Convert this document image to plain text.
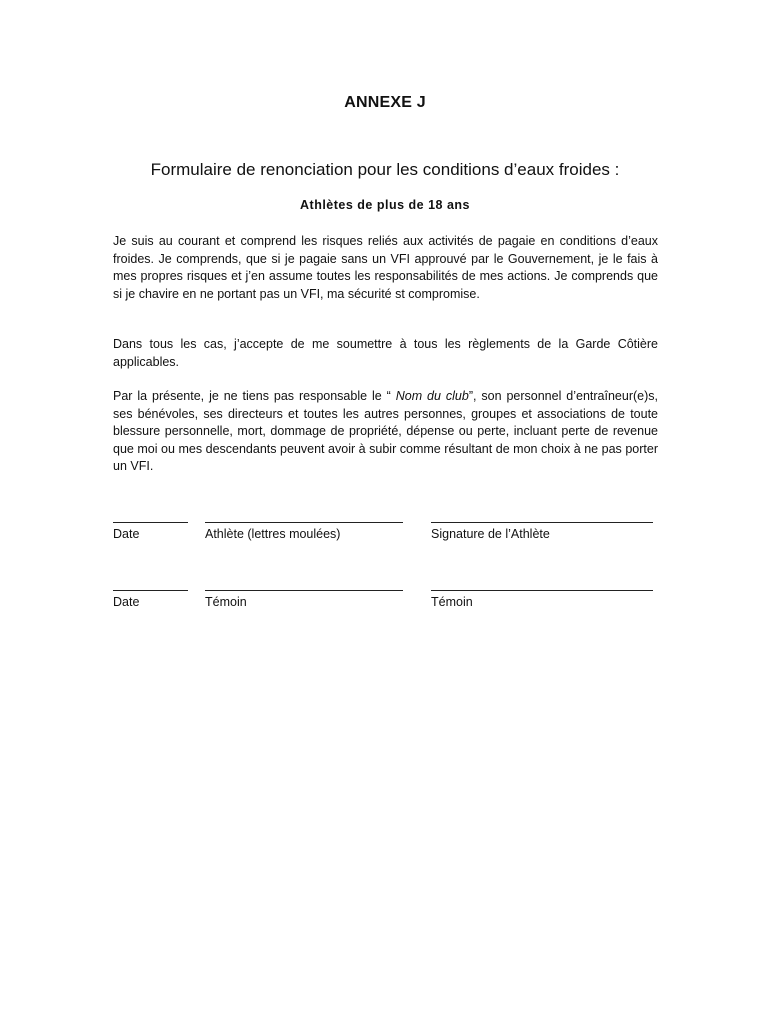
ANNEXE J
Formulaire de renonciation pour les conditions d’eaux froides :
Athlètes de plus de 18 ans

Je suis au courant et comprend les risques reliés aux activités de pagaie en conditions d’eaux froides. Je comprends, que si je pagaie sans un VFI approuvé par le Gouvernement, je le fais à mes propres risques et j’en assume toutes les responsabilités de mes actions. Je comprends que si je chavire en ne portant pas un VFI, ma sécurité st compromise.

Dans tous les cas, j’accepte de me soumettre à tous les règlements de la Garde Côtière applicables.

Par la présente, je ne tiens pas responsable le “ Nom du club”, son personnel d’entraîneur(e)s, ses bénévoles, ses directeurs et toutes les autres personnes, groupes et associations de toute blessure personnelle, mort, dommage de propriété, dépense ou perte, incluant perte de revenue que moi ou mes descendants peuvent avoir à subir comme résultant de mon choix à ne pas porter un VFI.

Date	Athlète (lettres moulées)	Signature de l’Athlète
Date	Témoin	Témoin
